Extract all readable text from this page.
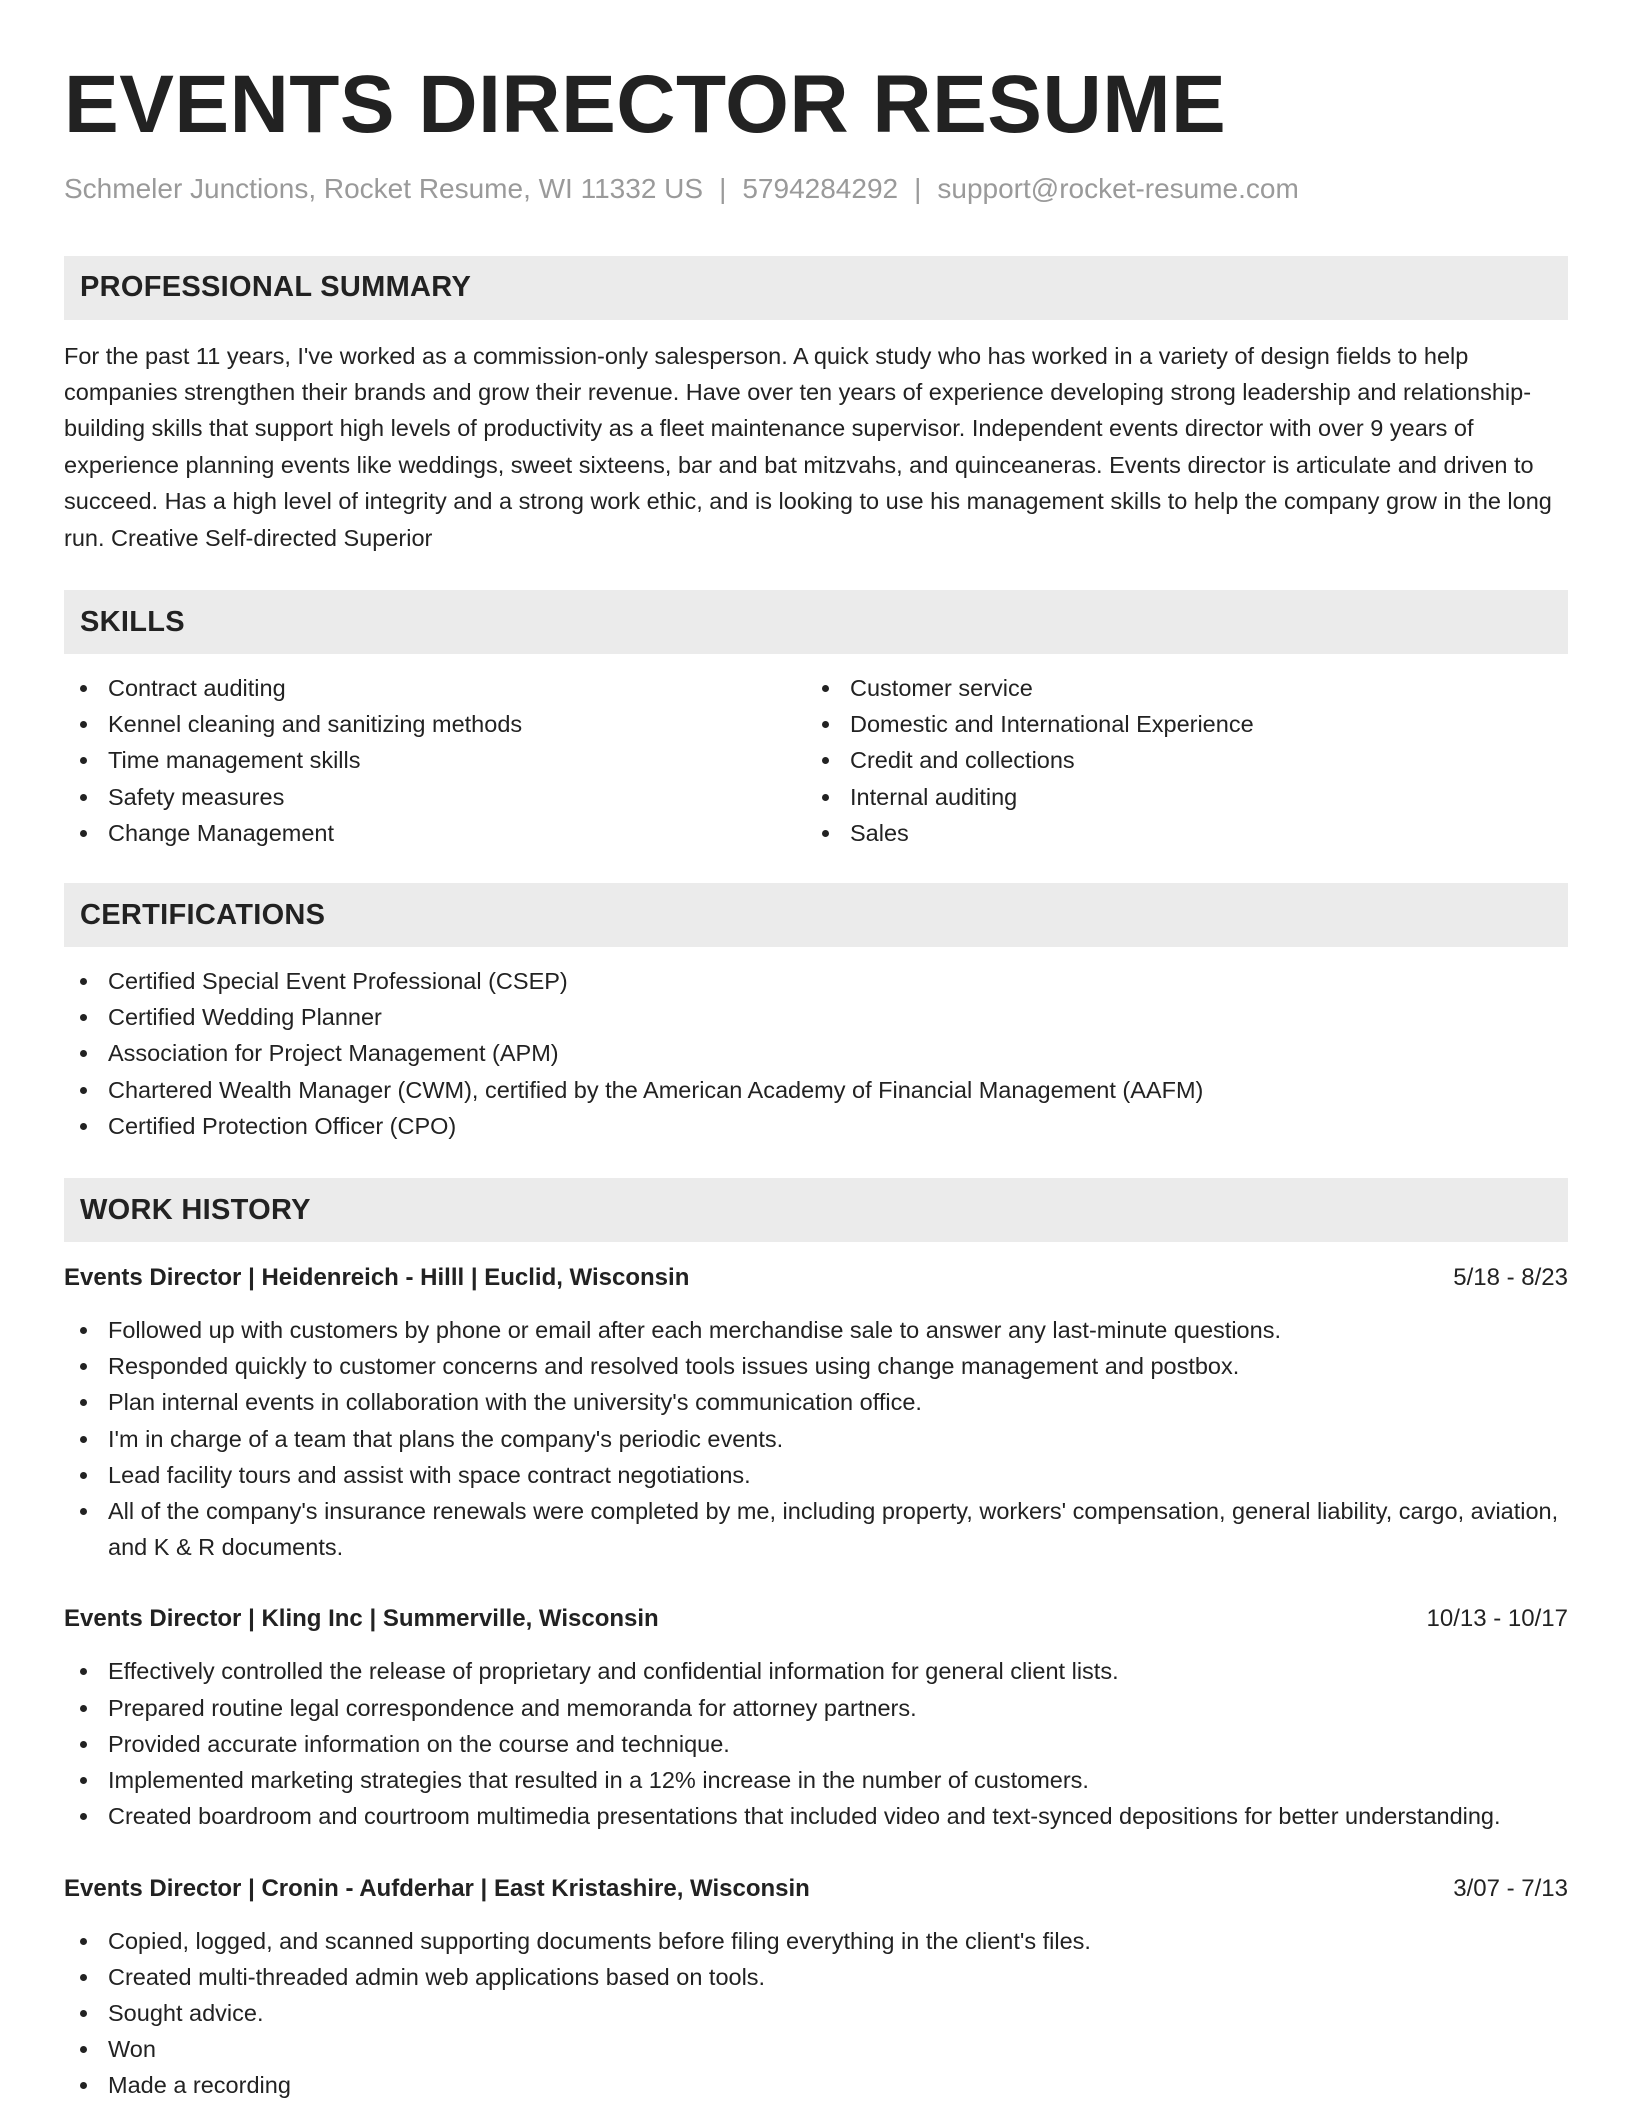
EVENTS DIRECTOR RESUME
Schmeler Junctions, Rocket Resume, WI 11332 US | 5794284292 | support@rocket-resume.com
PROFESSIONAL SUMMARY

For the past 11 years, I've worked as a commission-only salesperson. A quick study who has worked in a variety of design fields to help companies strengthen their brands and grow their revenue. Have over ten years of experience developing strong leadership and relationship-building skills that support high levels of productivity as a fleet maintenance supervisor. Independent events director with over 9 years of experience planning events like weddings, sweet sixteens, bar and bat mitzvahs, and quinceaneras. Events director is articulate and driven to succeed. Has a high level of integrity and a strong work ethic, and is looking to use his management skills to help the company grow in the long run. Creative Self-directed Superior

SKILLS
Contract auditing
Kennel cleaning and sanitizing methods
Time management skills
Safety measures
Change Management
Customer service
Domestic and International Experience
Credit and collections
Internal auditing
Sales
CERTIFICATIONS
Certified Special Event Professional (CSEP)
Certified Wedding Planner
Association for Project Management (APM)
Chartered Wealth Manager (CWM), certified by the American Academy of Financial Management (AAFM)
Certified Protection Officer (CPO)
WORK HISTORY
Events Director | Heidenreich - Hilll | Euclid, Wisconsin	5/18 - 8/23
Followed up with customers by phone or email after each merchandise sale to answer any last-minute questions.
Responded quickly to customer concerns and resolved tools issues using change management and postbox.
Plan internal events in collaboration with the university's communication office.
I'm in charge of a team that plans the company's periodic events.
Lead facility tours and assist with space contract negotiations.
All of the company's insurance renewals were completed by me, including property, workers' compensation, general liability, cargo, aviation, and K & R documents.
Events Director | Kling Inc | Summerville, Wisconsin	10/13 - 10/17
Effectively controlled the release of proprietary and confidential information for general client lists.
Prepared routine legal correspondence and memoranda for attorney partners.
Provided accurate information on the course and technique.
Implemented marketing strategies that resulted in a 12% increase in the number of customers.
Created boardroom and courtroom multimedia presentations that included video and text-synced depositions for better understanding.
Events Director | Cronin - Aufderhar | East Kristashire, Wisconsin	3/07 - 7/13
Copied, logged, and scanned supporting documents before filing everything in the client's files.
Created multi-threaded admin web applications based on tools.
Sought advice.
Won
Made a recording
